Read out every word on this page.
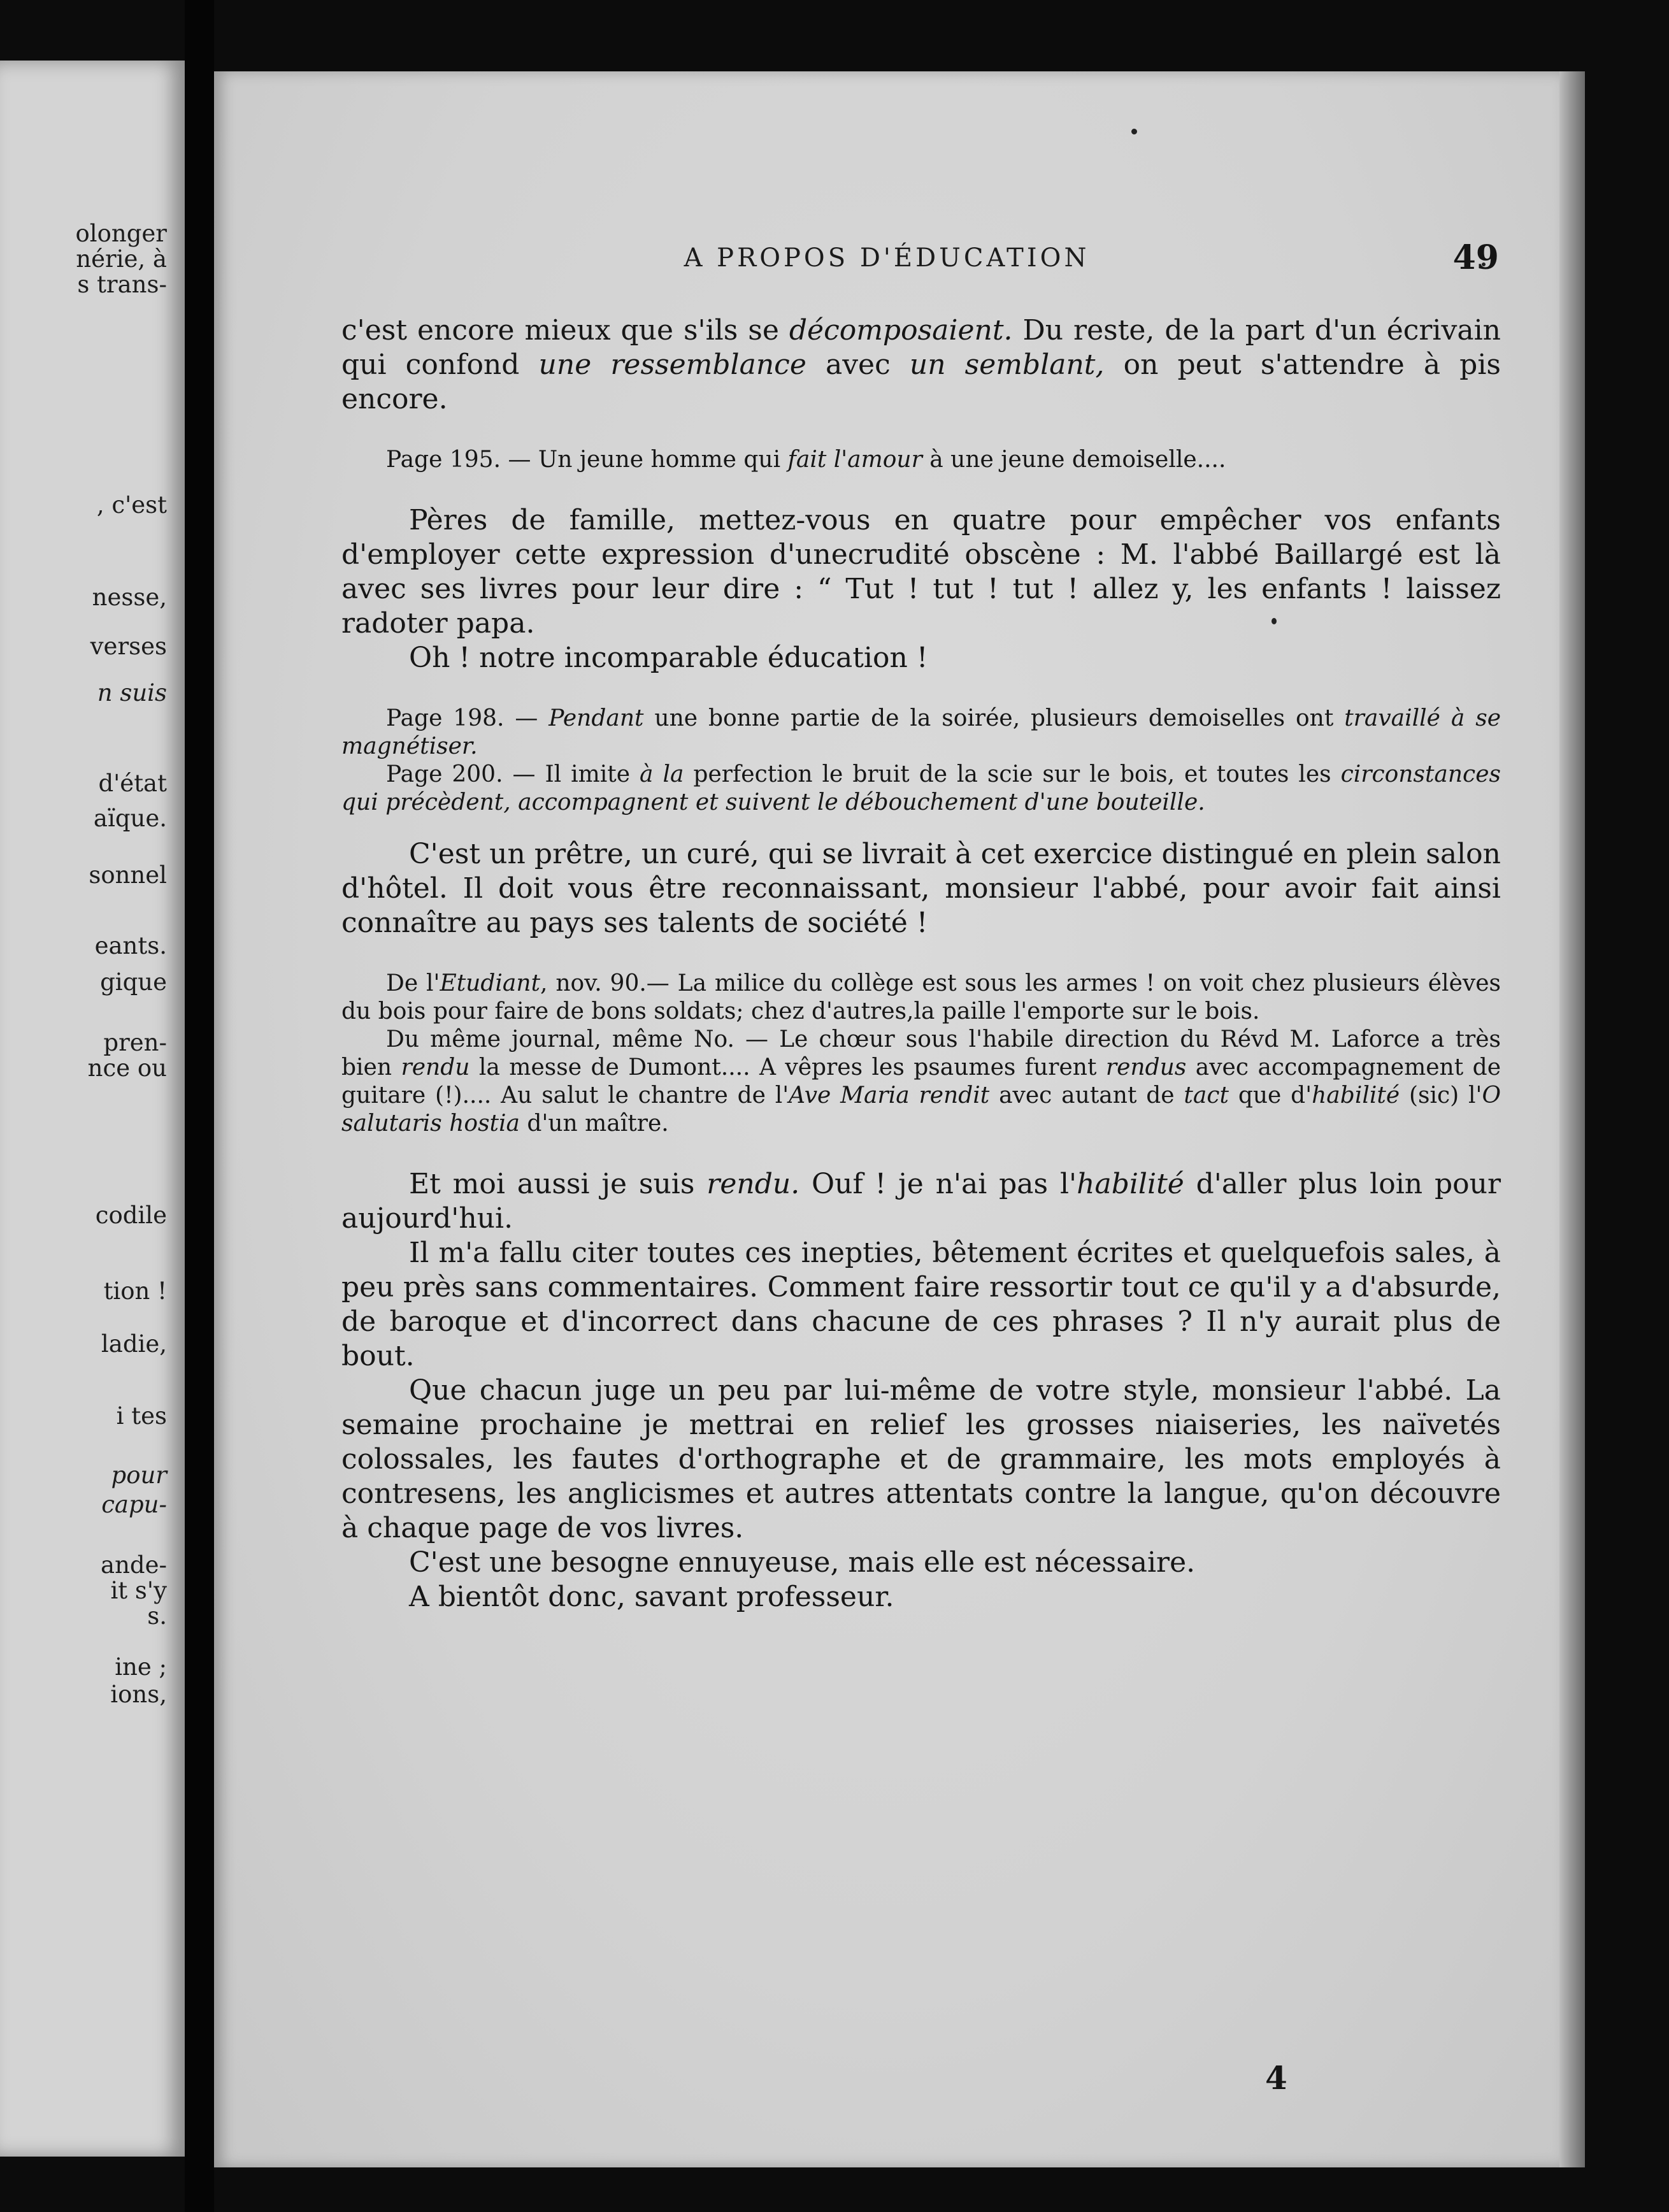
olonger
nérie, à
s trans-
, c'est
nesse,
verses
n suis
d'état
aïque.
sonnel
eants.
gique
pren-
nce ou
codile
tion !
ladie,
i tes
pour
capu-
ande-
it s'y
s.
ine ;
ions,
A PROPOS D'ÉDUCATION	49

c'est encore mieux que s'ils se décomposaient. Du reste, de la part d'un écrivain qui confond une ressemblance avec un semblant, on peut s'attendre à pis encore.

Page 195. — Un jeune homme qui fait l'amour à une jeune demoiselle....

Pères de famille, mettez-vous en quatre pour empêcher vos enfants d'employer cette expression d'unecrudité obscène : M. l'abbé Baillargé est là avec ses livres pour leur dire : “ Tut ! tut ! tut ! allez y, les enfants ! laissez radoter papa.

Oh ! notre incomparable éducation !

Page 198. — Pendant une bonne partie de la soirée, plusieurs demoiselles ont travaillé à se magnétiser.

Page 200. — Il imite à la perfection le bruit de la scie sur le bois, et toutes les circonstances qui précèdent, accompagnent et suivent le débouchement d'une bouteille.

C'est un prêtre, un curé, qui se livrait à cet exercice distingué en plein salon d'hôtel. Il doit vous être reconnaissant, monsieur l'abbé, pour avoir fait ainsi connaître au pays ses talents de société !

De l'Etudiant, nov. 90.— La milice du collège est sous les armes ! on voit chez plusieurs élèves du bois pour faire de bons soldats; chez d'autres,la paille l'emporte sur le bois.

Du même journal, même No. — Le chœur sous l'habile direction du Révd M. Laforce a très bien rendu la messe de Dumont.... A vêpres les psaumes furent rendus avec accompagnement de guitare (!).... Au salut le chantre de l'Ave Maria rendit avec autant de tact que d'habilité (sic) l'O salutaris hostia d'un maître.

Et moi aussi je suis rendu. Ouf ! je n'ai pas l'habilité d'aller plus loin pour aujourd'hui.

Il m'a fallu citer toutes ces inepties, bêtement écrites et quelquefois sales, à peu près sans commentaires. Comment faire ressortir tout ce qu'il y a d'absurde, de baroque et d'incorrect dans chacune de ces phrases ? Il n'y aurait plus de bout.

Que chacun juge un peu par lui-même de votre style, monsieur l'abbé. La semaine prochaine je mettrai en relief les grosses niaiseries, les naïvetés colossales, les fautes d'orthographe et de grammaire, les mots employés à contresens, les anglicismes et autres attentats contre la langue, qu'on découvre à chaque page de vos livres.

C'est une besogne ennuyeuse, mais elle est nécessaire.

A bientôt donc, savant professeur.

4
